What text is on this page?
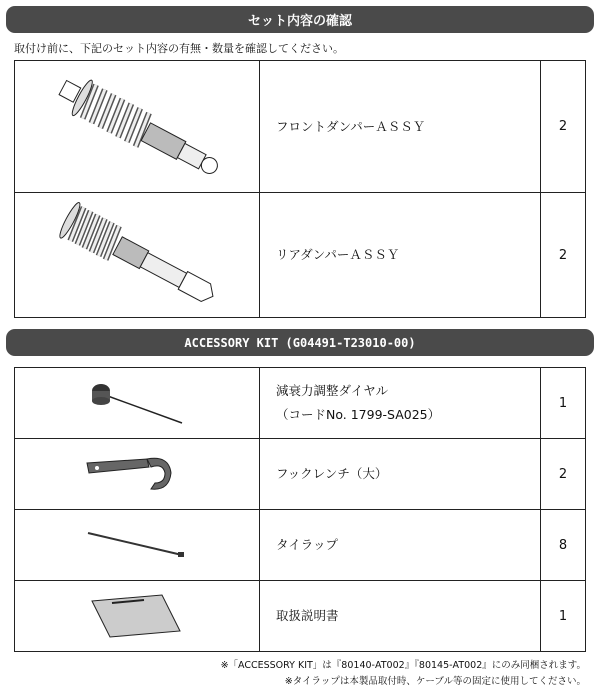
セット内容の確認
取付け前に、下記のセット内容の有無・数量を確認してください。
	フロントダンパーＡＳＳＹ	2

	リアダンパーＡＳＳＹ	2
ACCESSORY KIT (G04491-T23010-00)

減衰力調整ダイヤル
（コードNo. 1799-SA025）	1

	フックレンチ（大）	2

	タイラップ	8

	取扱説明書	1
※「ACCESSORY KIT」は『80140-AT002』『80145-AT002』にのみ同梱されます。
※タイラップは本製品取付時、ケーブル等の固定に使用してください。
